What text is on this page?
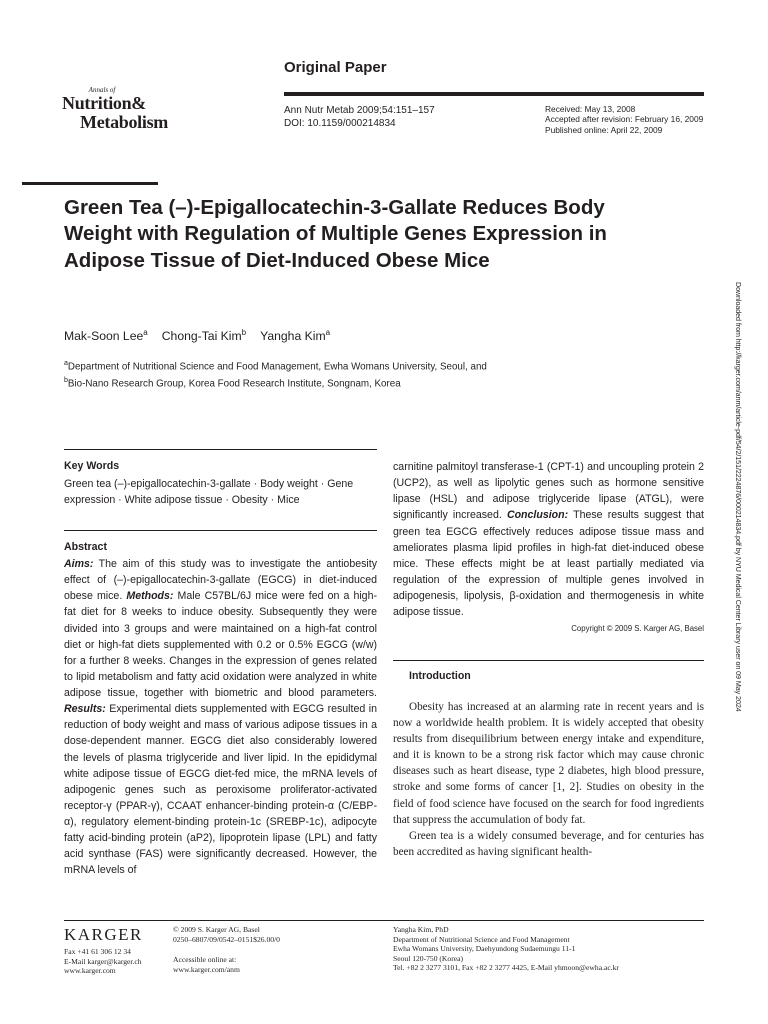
Annals of
Nutrition&
Metabolism
Original Paper
Ann Nutr Metab 2009;54:151–157
DOI: 10.1159/000214834
Received: May 13, 2008
Accepted after revision: February 16, 2009
Published online: April 22, 2009
Green Tea (–)-Epigallocatechin-3-Gallate Reduces Body Weight with Regulation of Multiple Genes Expression in Adipose Tissue of Diet-Induced Obese Mice
Mak-Soon Lee$^a$ Chong-Tai Kim$^b$ Yangha Kim$^a$
$^a$Department of Nutritional Science and Food Management, Ewha Womans University, Seoul, and
$^b$Bio-Nano Research Group, Korea Food Research Institute, Songnam, Korea
Key Words
Green tea (–)-epigallocatechin-3-gallate · Body weight · Gene expression · White adipose tissue · Obesity · Mice
Abstract
Aims: The aim of this study was to investigate the antiobesity effect of (–)-epigallocatechin-3-gallate (EGCG) in diet-induced obese mice. Methods: Male C57BL/6J mice were fed on a high-fat diet for 8 weeks to induce obesity. Subsequently they were divided into 3 groups and were maintained on a high-fat control diet or high-fat diets supplemented with 0.2 or 0.5% EGCG (w/w) for a further 8 weeks. Changes in the expression of genes related to lipid metabolism and fatty acid oxidation were analyzed in white adipose tissue, together with biometric and blood parameters. Results: Experimental diets supplemented with EGCG resulted in reduction of body weight and mass of various adipose tissues in a dose-dependent manner. EGCG diet also considerably lowered the levels of plasma triglyceride and liver lipid. In the epididymal white adipose tissue of EGCG diet-fed mice, the mRNA levels of adipogenic genes such as peroxisome proliferator-activated receptor-γ (PPAR-γ), CCAAT enhancer-binding protein-α (C/EBP-α), regulatory element-binding protein-1c (SREBP-1c), adipocyte fatty acid-binding protein (aP2), lipoprotein lipase (LPL) and fatty acid synthase (FAS) were significantly decreased. However, the mRNA levels of
carnitine palmitoyl transferase-1 (CPT-1) and uncoupling protein 2 (UCP2), as well as lipolytic genes such as hormone sensitive lipase (HSL) and adipose triglyceride lipase (ATGL), were significantly increased. Conclusion: These results suggest that green tea EGCG effectively reduces adipose tissue mass and ameliorates plasma lipid profiles in high-fat diet-induced obese mice. These effects might be at least partially mediated via regulation of the expression of multiple genes involved in adipogenesis, lipolysis, β-oxidation and thermogenesis in white adipose tissue.
Copyright © 2009 S. Karger AG, Basel
Introduction

Obesity has increased at an alarming rate in recent years and is now a worldwide health problem. It is widely accepted that obesity results from disequilibrium between energy intake and expenditure, and it is known to be a strong risk factor which may cause chronic diseases such as heart disease, type 2 diabetes, high blood pressure, stroke and some forms of cancer [1, 2]. Studies on obesity in the field of food science have focused on the search for food ingredients that suppress the accumulation of body fat.

Green tea is a widely consumed beverage, and for centuries has been accredited as having significant health-

Downloaded from http://karger.com/anm/article-pdf/54/2/151/2224876/000214834.pdf by NYU Medical Center Library user on 09 May 2024
KARGER
Fax +41 61 306 12 34
E-Mail karger@karger.ch
www.karger.com
© 2009 S. Karger AG, Basel
0250–6807/09/0542–0151$26.00/0
Accessible online at:
www.karger.com/anm
Yangha Kim, PhD
Department of Nutritional Science and Food Management
Ewha Womans University, Daehyundong Sudaemungu 11-1
Seoul 120-750 (Korea)
Tel. +82 2 3277 3101, Fax +82 2 3277 4425, E-Mail yhmoon@ewha.ac.kr
